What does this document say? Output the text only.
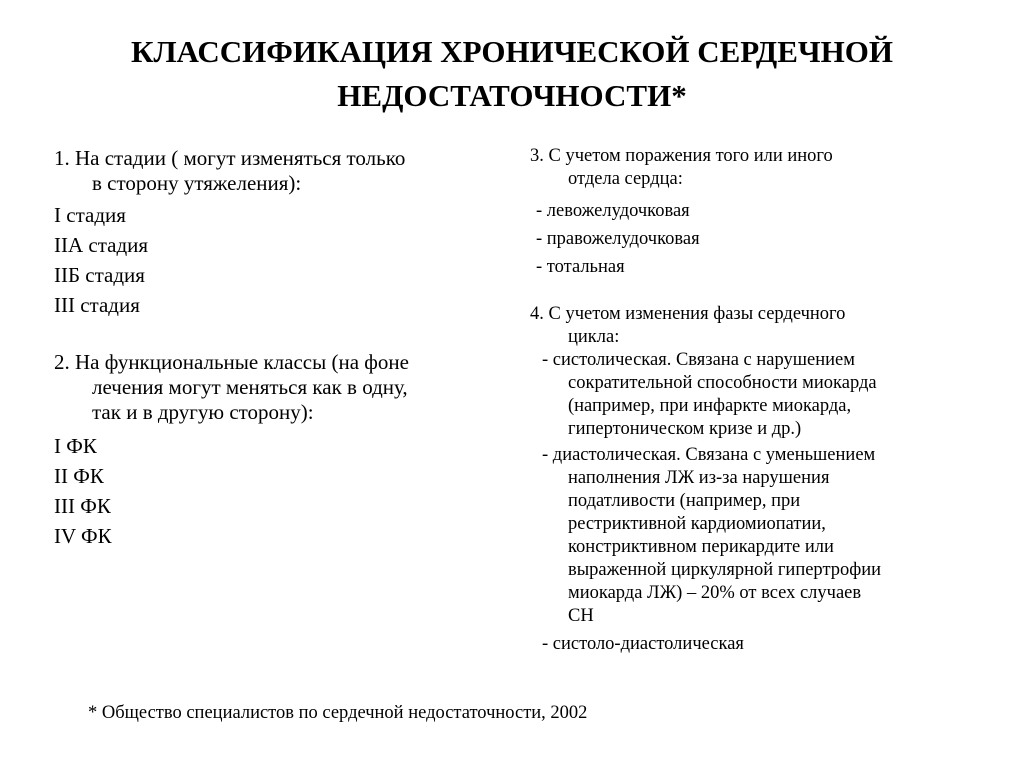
КЛАССИФИКАЦИЯ ХРОНИЧЕСКОЙ СЕРДЕЧНОЙ
НЕДОСТАТОЧНОСТИ*
1. На стадии ( могут изменяться только
в сторону утяжеления):
I стадия
IIА стадия
IIБ стадия
III стадия
2. На функциональные классы (на фоне
лечения могут меняться как в одну,
так и в другую сторону):
I ФК
II ФК
III ФК
IV ФК
3. С учетом поражения того или иного
отдела сердца:
- левожелудочковая
- правожелудочковая
- тотальная
4. С учетом изменения фазы сердечного
цикла:
- систолическая. Связана с нарушением
сократительной способности миокарда
(например, при инфаркте миокарда,
гипертоническом кризе и др.)
- диастолическая. Связана с уменьшением
наполнения ЛЖ из-за нарушения
податливости (например, при
рестриктивной кардиомиопатии,
констриктивном перикардите или
выраженной циркулярной гипертрофии
миокарда ЛЖ) – 20% от всех случаев
СН
- систоло-диастолическая
* Общество специалистов по сердечной недостаточности, 2002
